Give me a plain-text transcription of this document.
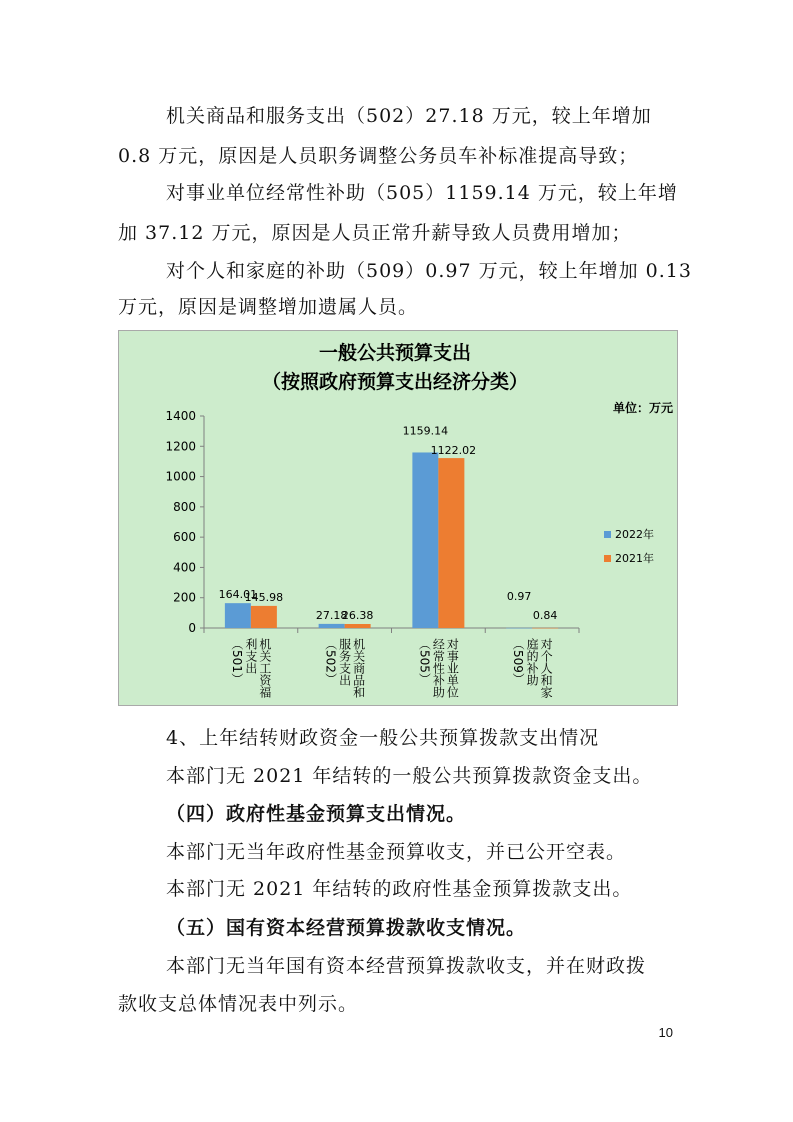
机关商品和服务支出（502）27.18 万元，较上年增加
0.8 万元，原因是人员职务调整公务员车补标准提高导致；
对事业单位经常性补助（505）1159.14 万元，较上年增
加 37.12 万元，原因是人员正常升薪导致人员费用增加；
对个人和家庭的补助（509）0.97 万元，较上年增加 0.13
万元，原因是调整增加遗属人员。
一般公共预算支出
（按照政府预算支出经济分类）
单位：万元
0
200
400
600
800
1000
1200
1400
164.01
27.18
1159.14
0.97
145.98
26.38
1122.02
0.84
机关工资福
利支出
（501）	机关商品和
服务支出
（502）	对事业单位
经常性补助
（505）	对个人和家
庭的补助
（509）
2022年
2021年
4、上年结转财政资金一般公共预算拨款支出情况
本部门无 2021 年结转的一般公共预算拨款资金支出。
（四）政府性基金预算支出情况。
本部门无当年政府性基金预算收支，并已公开空表。
本部门无 2021 年结转的政府性基金预算拨款支出。
（五）国有资本经营预算拨款收支情况。
本部门无当年国有资本经营预算拨款收支，并在财政拨
款收支总体情况表中列示。
10
